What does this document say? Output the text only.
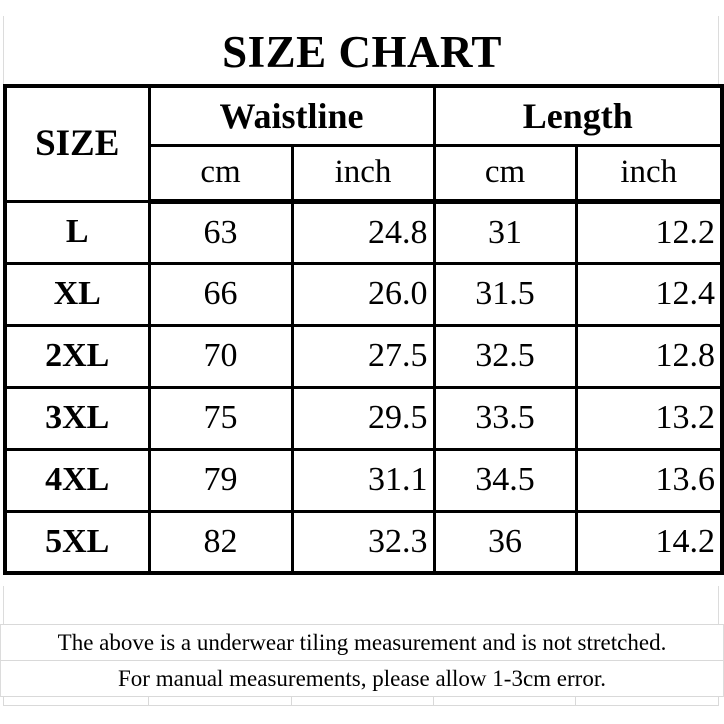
SIZE CHART
SIZE	Waistline		Length	
	cm	inch	cm	inch
L	63	24.8	31	12.2
XL	66	26.0	31.5	12.4
2XL	70	27.5	32.5	12.8
3XL	75	29.5	33.5	13.2
4XL	79	31.1	34.5	13.6
5XL	82	32.3	36	14.2
The above is a underwear tiling measurement and is not stretched.
For manual measurements, please allow 1-3cm error.
